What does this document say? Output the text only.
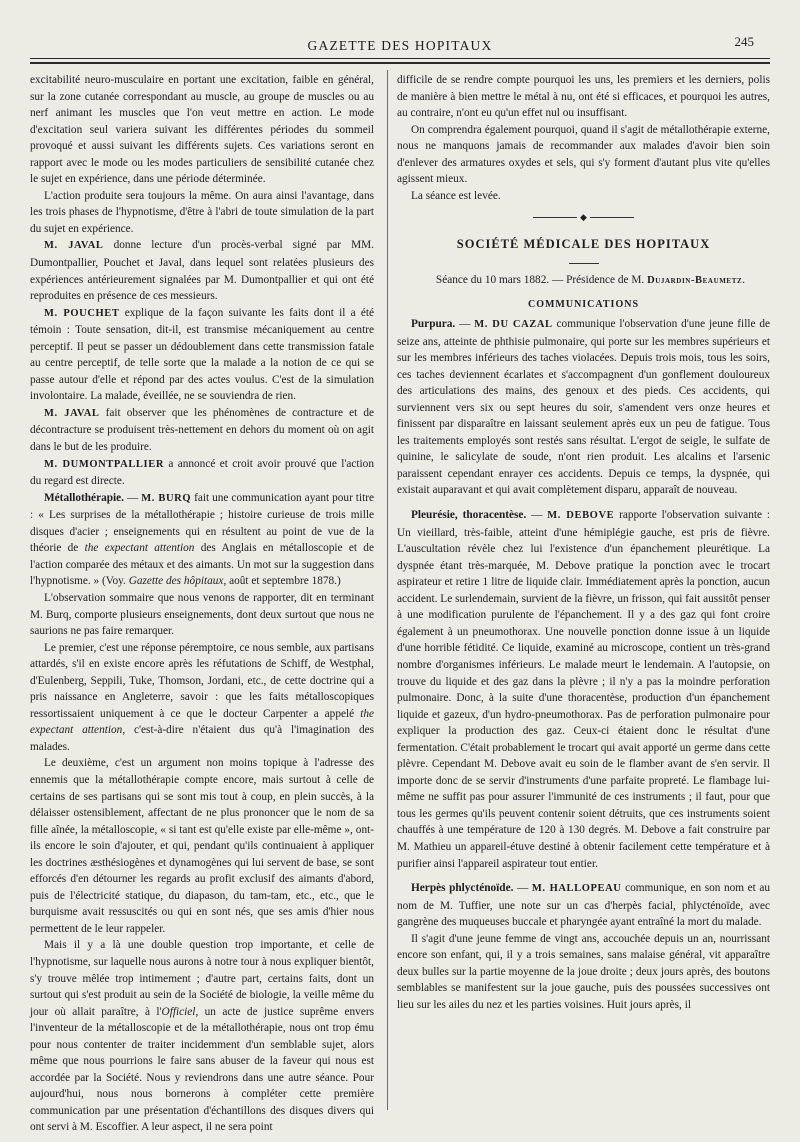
GAZETTE DES HOPITAUX	245

excitabilité neuro-musculaire en portant une excitation, faible en général, sur la zone cutanée correspondant au muscle, au groupe de muscles ou au nerf animant les muscles que l'on veut mettre en action. Le mode d'excitation seul variera suivant les différentes périodes du sommeil provoqué et aussi suivant les différents sujets. Ces variations seront en rapport avec le mode ou les modes particuliers de sensibilité cutanée chez le sujet en expérience, dans une période déterminée.

L'action produite sera toujours la même. On aura ainsi l'avantage, dans les trois phases de l'hypnotisme, d'être à l'abri de toute simulation de la part du sujet en expérience.

M. JAVAL donne lecture d'un procès-verbal signé par MM. Dumontpallier, Pouchet et Javal, dans lequel sont relatées plusieurs des expériences antérieurement signalées par M. Dumontpallier et qui ont été reproduites en présence de ces messieurs.

M. POUCHET explique de la façon suivante les faits dont il a été témoin : Toute sensation, dit-il, est transmise mécaniquement au centre perceptif. Il peut se passer un dédoublement dans cette transmission fatale au centre perceptif, de telle sorte que la malade a la notion de ce qui se passe autour d'elle et répond par des actes voulus. C'est de la simulation involontaire. La malade, éveillée, ne se souviendra de rien.

M. JAVAL fait observer que les phénomènes de contracture et de décontracture se produisent très-nettement en dehors du moment où on agit dans le but de les produire.

M. DUMONTPALLIER a annoncé et croit avoir prouvé que l'action du regard est directe.

Métallothérapie. — M. BURQ fait une communication ayant pour titre : « Les surprises de la métallothérapie ; histoire curieuse de trois mille disques d'acier ; enseignements qui en résultent au point de vue de la théorie de the expectant attention des Anglais en métalloscopie et de l'action comparée des métaux et des aimants. Un mot sur la suggestion dans l'hypnotisme. » (Voy. Gazette des hôpitaux, août et septembre 1878.)

L'observation sommaire que nous venons de rapporter, dit en terminant M. Burq, comporte plusieurs enseignements, dont deux surtout que nous ne saurions ne pas faire remarquer.

Le premier, c'est une réponse péremptoire, ce nous semble, aux partisans attardés, s'il en existe encore après les réfutations de Schiff, de Westphal, d'Eulenberg, Seppili, Tuke, Thomson, Jordani, etc., de cette doctrine qui a pris naissance en Angleterre, savoir : que les faits métalloscopiques ressortissaient uniquement à ce que le docteur Carpenter a appelé the expectant attention, c'est-à-dire n'étaient dus qu'à l'imagination des malades.

Le deuxième, c'est un argument non moins topique à l'adresse des ennemis que la métallothérapie compte encore, mais surtout à celle de certains de ses partisans qui se sont mis tout à coup, en plein succès, à la délaisser ostensiblement, affectant de ne plus prononcer que le nom de sa fille aînée, la métalloscopie, « si tant est qu'elle existe par elle-même », ont-ils encore le soin d'ajouter, et qui, pendant qu'ils continuaient à appliquer les doctrines æsthésiogènes et dynamogènes qui lui servent de base, se sont efforcés d'en détourner les regards au profit exclusif des aimants d'abord, puis de l'électricité statique, du diapason, du tam-tam, etc., etc., que le burquisme avait ressuscités ou qui en sont nés, que ses amis d'hier nous permettent de le leur rappeler.

Mais il y a là une double question trop importante, et celle de l'hypnotisme, sur laquelle nous aurons à notre tour à nous expliquer bientôt, s'y trouve mêlée trop intimement ; d'autre part, certains faits, dont un surtout qui s'est produit au sein de la Société de biologie, la veille même du jour où allait paraître, à l'Officiel, un acte de justice suprême envers l'inventeur de la métalloscopie et de la métallothérapie, nous ont trop ému pour nous contenter de traiter incidemment d'un semblable sujet, alors même que nous pourrions le faire sans abuser de la faveur qui nous est accordée par la Société. Nous y reviendrons dans une autre séance. Pour aujourd'hui, nous nous bornerons à compléter cette première communication par une présentation d'échantillons des disques divers qui ont servi à M. Escoffier. A leur aspect, il ne sera point

difficile de se rendre compte pourquoi les uns, les premiers et les derniers, polis de manière à bien mettre le métal à nu, ont été si efficaces, et pourquoi les autres, au contraire, n'ont eu qu'un effet nul ou insuffisant.

On comprendra également pourquoi, quand il s'agit de métallothérapie externe, nous ne manquons jamais de recommander aux malades d'avoir bien soin d'enlever des armatures oxydes et sels, qui s'y forment d'autant plus vite qu'elles agissent mieux.

La séance est levée.

◆
SOCIÉTÉ MÉDICALE DES HOPITAUX

Séance du 10 mars 1882. — Présidence de M. Dujardin-Beaumetz.

COMMUNICATIONS

Purpura. — M. DU CAZAL communique l'observation d'une jeune fille de seize ans, atteinte de phthisie pulmonaire, qui porte sur les membres supérieurs et sur les membres inférieurs des taches violacées. Depuis trois mois, tous les soirs, ces taches deviennent écarlates et s'accompagnent d'un gonflement douloureux des articulations des mains, des genoux et des pieds. Ces accidents, qui surviennent vers six ou sept heures du soir, s'amendent vers onze heures et finissent par disparaître en laissant seulement après eux un peu de fatigue. Tous les traitements employés sont restés sans résultat. L'ergot de seigle, le sulfate de quinine, le salicylate de soude, n'ont rien produit. Les alcalins et l'arsenic paraissent cependant enrayer ces accidents. Depuis ce temps, la dyspnée, qui existait auparavant et qui avait complètement disparu, apparaît de nouveau.

Pleurésie, thoracentèse. — M. DEBOVE rapporte l'observation suivante : Un vieillard, très-faible, atteint d'une hémiplégie gauche, est pris de fièvre. L'auscultation révèle chez lui l'existence d'un épanchement pleurétique. La dyspnée étant très-marquée, M. Debove pratique la ponction avec le trocart aspirateur et retire 1 litre de liquide clair. Immédiatement après la ponction, aucun accident. Le surlendemain, survient de la fièvre, un frisson, qui fait aussitôt penser à une modification purulente de l'épanchement. Il y a des gaz qui font croire également à un pneumothorax. Une nouvelle ponction donne issue à un liquide d'une horrible fétidité. Ce liquide, examiné au microscope, contient un très-grand nombre d'organismes inférieurs. Le malade meurt le lendemain. A l'autopsie, on trouve du liquide et des gaz dans la plèvre ; il n'y a pas la moindre perforation pulmonaire. Donc, à la suite d'une thoracentèse, production d'un épanchement liquide et gazeux, d'un hydro-pneumothorax. Pas de perforation pulmonaire pour expliquer la production des gaz. Ceux-ci étaient donc le résultat d'une fermentation. C'était probablement le trocart qui avait apporté un germe dans cette plèvre. Cependant M. Debove avait eu soin de le flamber avant de s'en servir. Il importe donc de se servir d'instruments d'une parfaite propreté. Le flambage lui-même ne suffit pas pour assurer l'immunité de ces instruments ; il faut, pour que tous les germes qu'ils peuvent contenir soient détruits, que ces instruments soient chauffés à une température de 120 à 130 degrés. M. Debove a fait construire par M. Mathieu un appareil-étuve destiné à obtenir facilement cette température et à purifier ainsi l'appareil aspirateur tout entier.

Herpès phlycténoïde. — M. HALLOPEAU communique, en son nom et au nom de M. Tuffier, une note sur un cas d'herpès facial, phlycténoïde, avec gangrène des muqueuses buccale et pharyngée ayant entraîné la mort du malade.

Il s'agit d'une jeune femme de vingt ans, accouchée depuis un an, nourrissant encore son enfant, qui, il y a trois semaines, sans malaise général, vit apparaître deux bulles sur la partie moyenne de la joue droite ; deux jours après, des boutons semblables se manifestent sur la joue gauche, puis des poussées successives ont lieu sur les ailes du nez et les parties voisines. Huit jours après, il
